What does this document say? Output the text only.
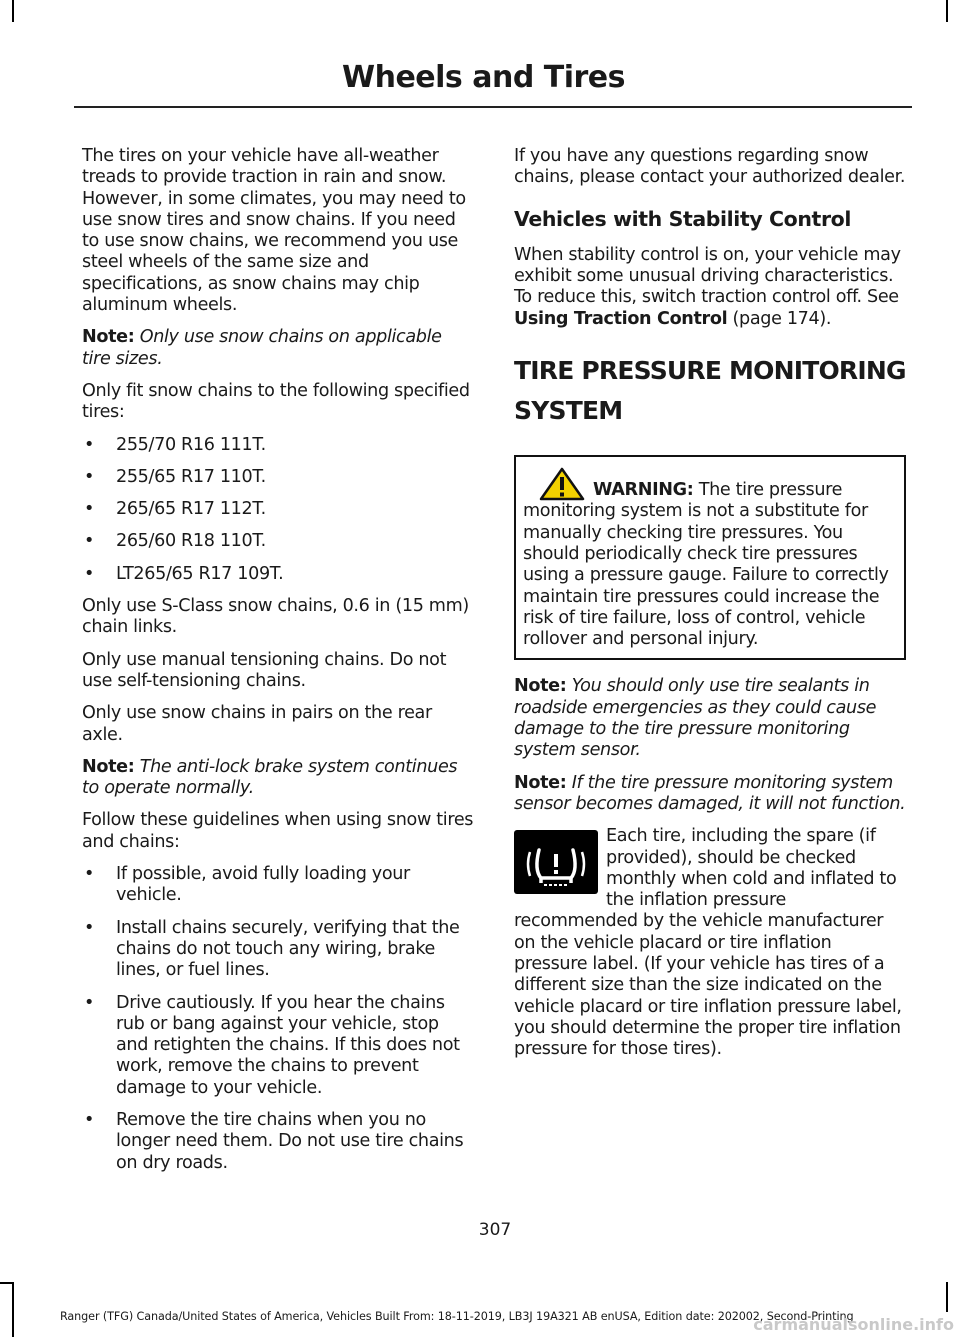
Wheels and Tires

The tires on your vehicle have all-weather treads to provide traction in rain and snow. However, in some climates, you may need to use snow tires and snow chains. If you need to use snow chains, we recommend you use steel wheels of the same size and specifications, as snow chains may chip aluminum wheels.

Note: Only use snow chains on applicable tire sizes.

Only fit snow chains to the following specified tires:

• 255/70 R16 111T.
• 255/65 R17 110T.
• 265/65 R17 112T.
• 265/60 R18 110T.
• LT265/65 R17 109T.

Only use S-Class snow chains, 0.6 in (15 mm) chain links.

Only use manual tensioning chains. Do not use self-tensioning chains.

Only use snow chains in pairs on the rear axle.

Note: The anti-lock brake system continues to operate normally.

Follow these guidelines when using snow tires and chains:

• If possible, avoid fully loading your vehicle.
• Install chains securely, verifying that the chains do not touch any wiring, brake lines, or fuel lines.
• Drive cautiously. If you hear the chains rub or bang against your vehicle, stop and retighten the chains. If this does not work, remove the chains to prevent damage to your vehicle.
• Remove the tire chains when you no longer need them. Do not use tire chains on dry roads.

If you have any questions regarding snow chains, please contact your authorized dealer.

Vehicles with Stability Control

When stability control is on, your vehicle may exhibit some unusual driving characteristics. To reduce this, switch traction control off. See Using Traction Control (page 174).

TIRE PRESSURE MONITORING
SYSTEM
WARNING: The tire pressure monitoring system is not a substitute for manually checking tire pressures. You should periodically check tire pressures using a pressure gauge. Failure to correctly maintain tire pressures could increase the risk of tire failure, loss of control, vehicle rollover and personal injury.

Note: You should only use tire sealants in roadside emergencies as they could cause damage to the tire pressure monitoring system sensor.

Note: If the tire pressure monitoring system sensor becomes damaged, it will not function.

Each tire, including the spare (if provided), should be checked monthly when cold and inflated to the inflation pressure recommended by the vehicle manufacturer on the vehicle placard or tire inflation pressure label. (If your vehicle has tires of a different size than the size indicated on the vehicle placard or tire inflation pressure label, you should determine the proper tire inflation pressure for those tires).

307
Ranger (TFG) Canada/United States of America, Vehicles Built From: 18-11-2019, LB3J 19A321 AB enUSA, Edition date: 202002, Second-Printing
carmanualsonline.info
